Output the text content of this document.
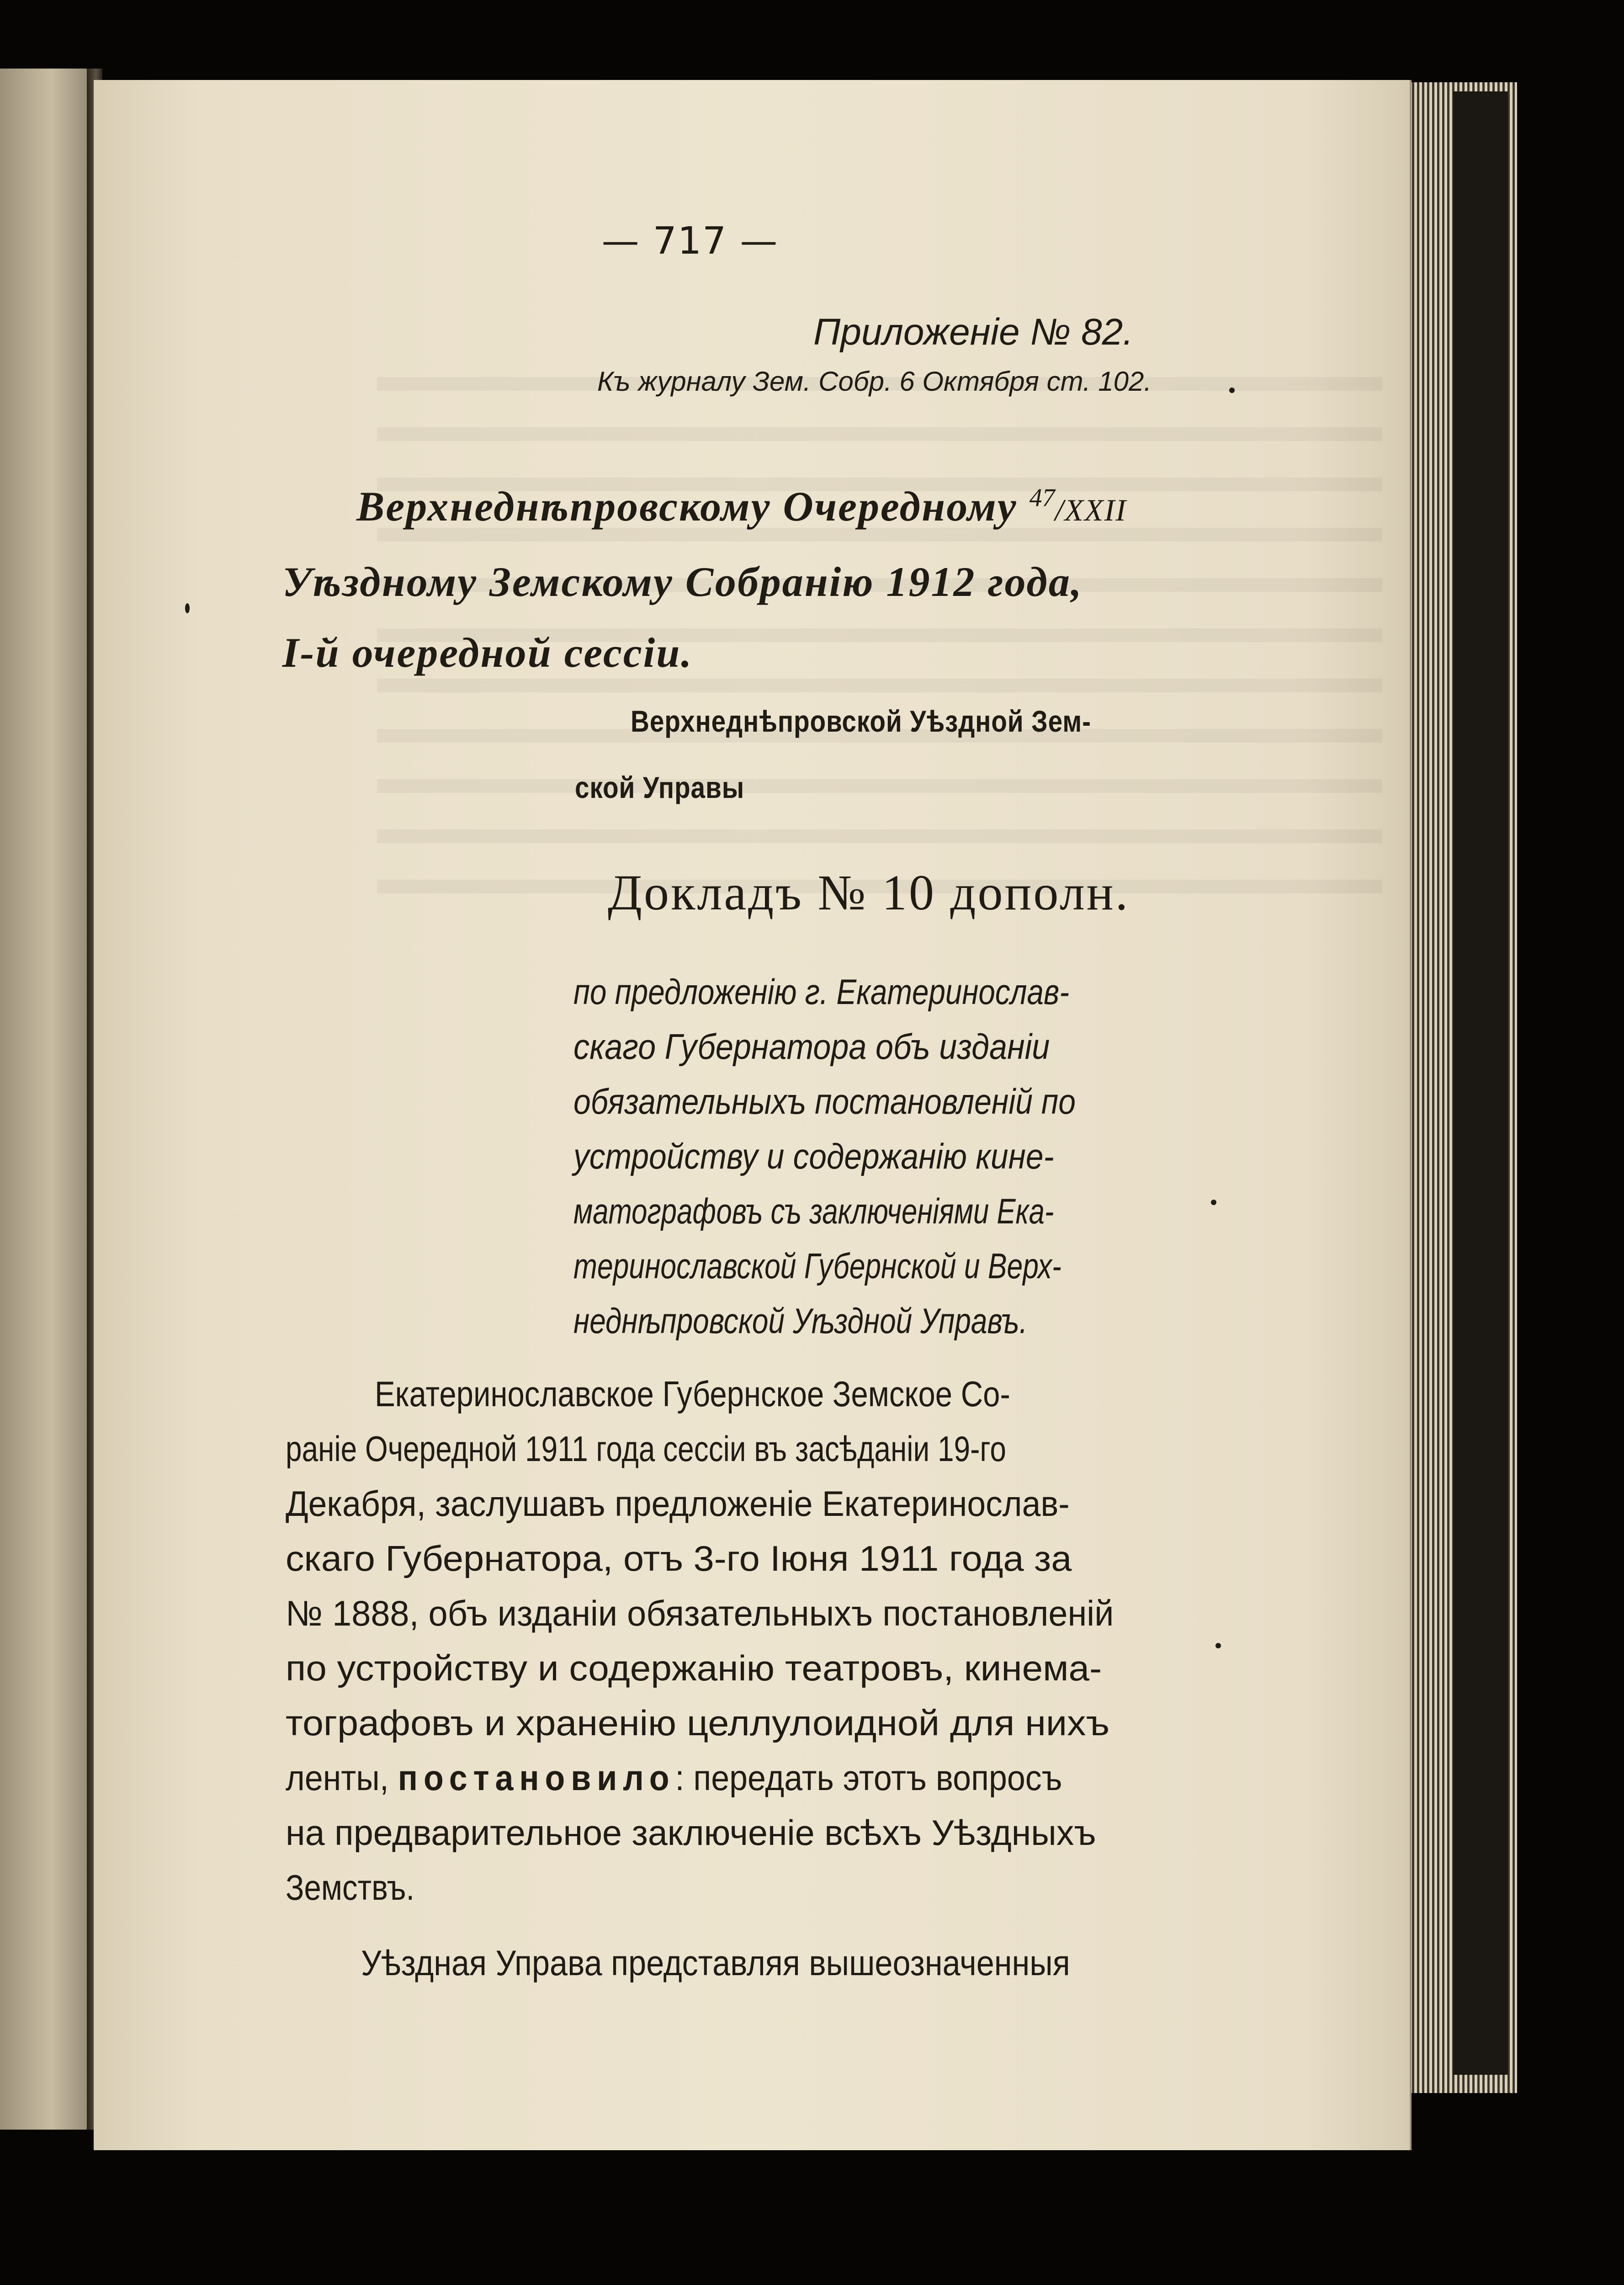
— 717 —

Приложенiе № 82.

Къ журналу Зем. Собр. 6 Октября ст. 102.

Верхнеднѣпровскому Очередному $^{47}$/XXII

Уѣздному Земскому Собранiю 1912 года,

I-й очередной сессiи.

Верхнеднѣпровской Уѣздной Зем-

ской Управы

Докладъ № 10 дополн.

по предложенiю г. Екатеринослав-

скаго Губернатора объ изданiи

обязательныхъ постановленiй по

устройству и содержанiю кине-

матографовъ съ заключенiями Ека-

теринославской Губернской и Верх-

неднѣпровской Уѣздной Управъ.

Екатеринославское Губернское Земское Со-

ранiе Очередной 1911 года сессiи въ засѣданiи 19-го

Декабря, заслушавъ предложенiе Екатеринослав-

скаго Губернатора, отъ 3-го Iюня 1911 года за

№ 1888, объ изданiи обязательныхъ постановленiй

по устройству и содержанiю театровъ, кинема-

тографовъ и храненiю целлулоидной для нихъ

ленты, постановило: передать этотъ вопросъ

на предварительное заключенiе всѣхъ Уѣздныхъ

Земствъ.

Уѣздная Управа представляя вышеозначенныя
